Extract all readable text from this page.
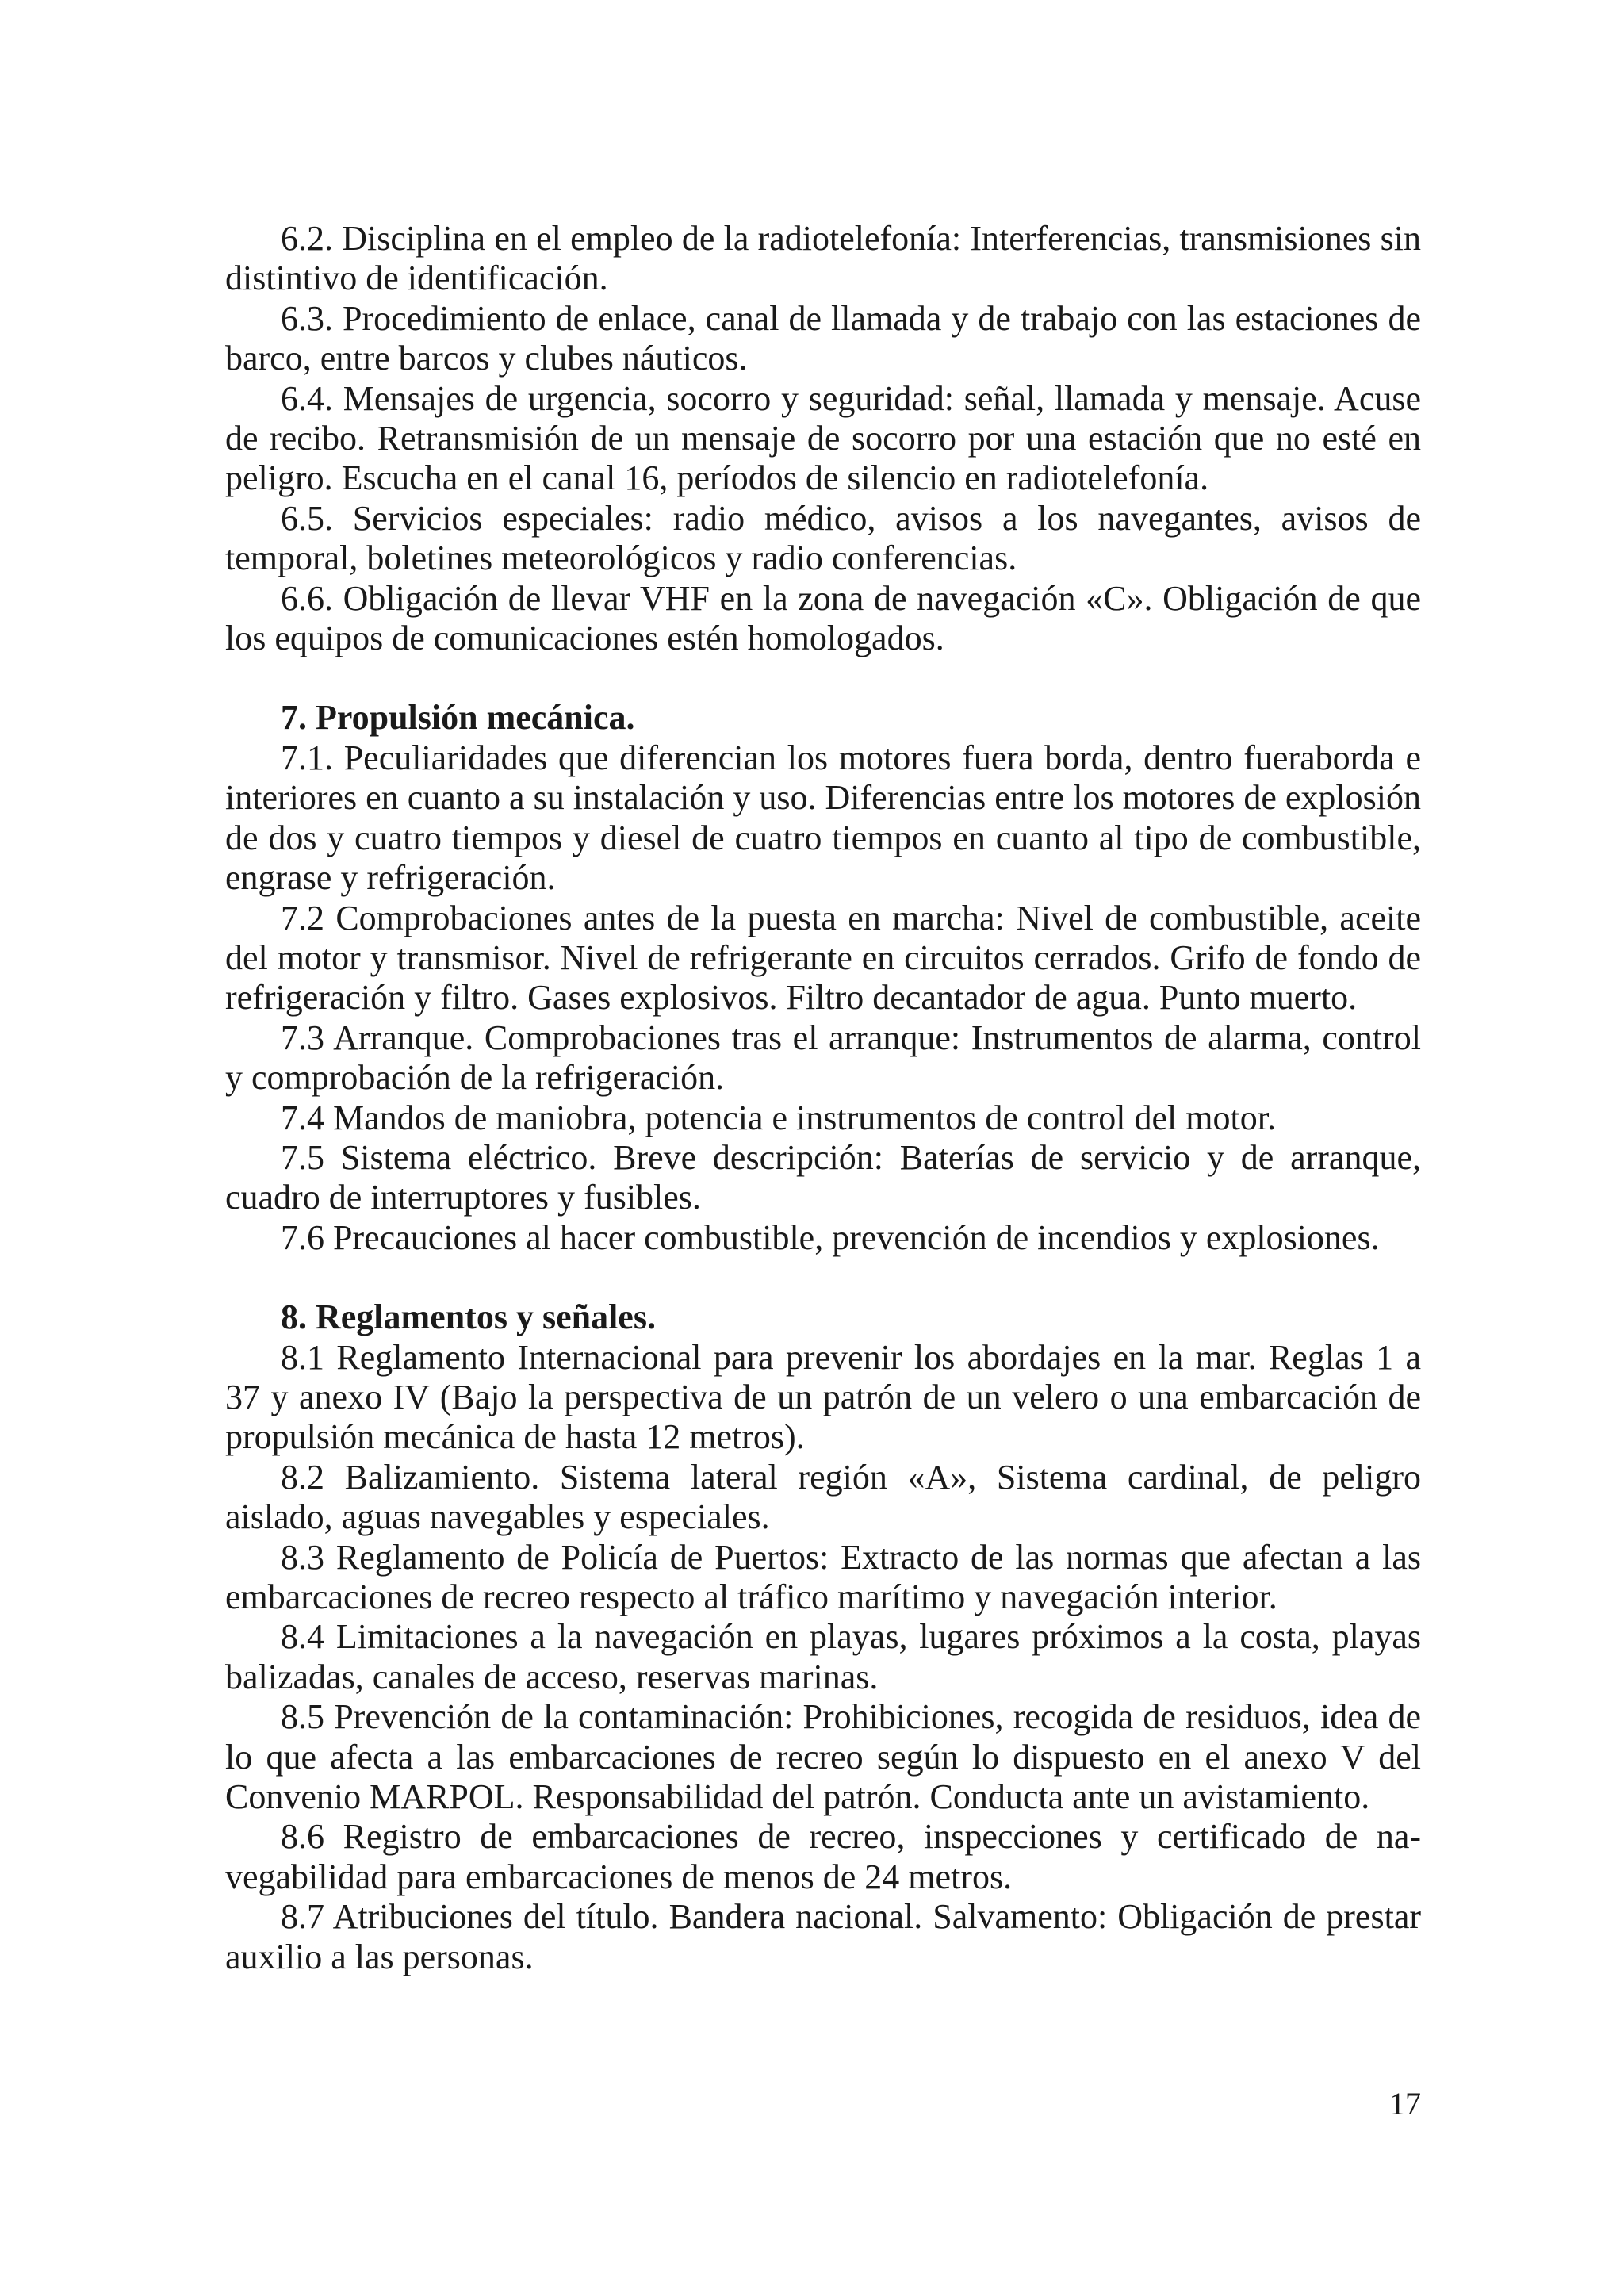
6.2. Disciplina en el empleo de la radiotelefonía: Interferencias, transmisiones sin distintivo de identificación.

6.3. Procedimiento de enlace, canal de llamada y de trabajo con las estaciones de barco, entre barcos y clubes náuticos.

6.4. Mensajes de urgencia, socorro y seguridad: señal, llamada y mensaje. Acuse de recibo. Retransmisión de un mensaje de socorro por una estación que no esté en peligro. Escucha en el canal 16, períodos de silencio en radiotelefonía.

6.5. Servicios especiales: radio médico, avisos a los navegantes, avisos de temporal, boletines meteorológicos y radio conferencias.

6.6. Obligación de llevar VHF en la zona de navegación «C». Obligación de que los equipos de comunicaciones estén homologados.

7. Propulsión mecánica.

7.1. Peculiaridades que diferencian los motores fuera borda, dentro fueraborda e interiores en cuanto a su instalación y uso. Diferencias entre los motores de explosión de dos y cuatro tiempos y diesel de cuatro tiempos en cuanto al tipo de combustible, engrase y refrigeración.

7.2 Comprobaciones antes de la puesta en marcha: Nivel de combustible, aceite del motor y transmisor. Nivel de refrigerante en circuitos cerrados. Grifo de fondo de refrigeración y filtro. Gases explosivos. Filtro decantador de agua. Punto muerto.

7.3 Arranque. Comprobaciones tras el arranque: Instrumentos de alarma, control y comprobación de la refrigeración.

7.4 Mandos de maniobra, potencia e instrumentos de control del motor.

7.5 Sistema eléctrico. Breve descripción: Baterías de servicio y de arranque, cuadro de interruptores y fusibles.

7.6 Precauciones al hacer combustible, prevención de incendios y explosiones.

8. Reglamentos y señales.

8.1 Reglamento Internacional para prevenir los abordajes en la mar. Reglas 1 a 37 y anexo IV (Bajo la perspectiva de un patrón de un velero o una embarcación de propulsión mecánica de hasta 12 metros).

8.2 Balizamiento. Sistema lateral región «A», Sistema cardinal, de peligro aislado, aguas navegables y especiales.

8.3 Reglamento de Policía de Puertos: Extracto de las normas que afectan a las embarcaciones de recreo respecto al tráfico marítimo y navegación interior.

8.4 Limitaciones a la navegación en playas, lugares próximos a la costa, playas balizadas, canales de acceso, reservas marinas.

8.5 Prevención de la contaminación: Prohibiciones, recogida de residuos, idea de lo que afecta a las embarcaciones de recreo según lo dispuesto en el anexo V del Convenio MARPOL. Responsabilidad del patrón. Conducta ante un avistamiento.

8.6 Registro de embarcaciones de recreo, inspecciones y certificado de navegabilidad para embarcaciones de menos de 24 metros.

8.7 Atribuciones del título. Bandera nacional. Salvamento: Obligación de prestar auxilio a las personas.

17
